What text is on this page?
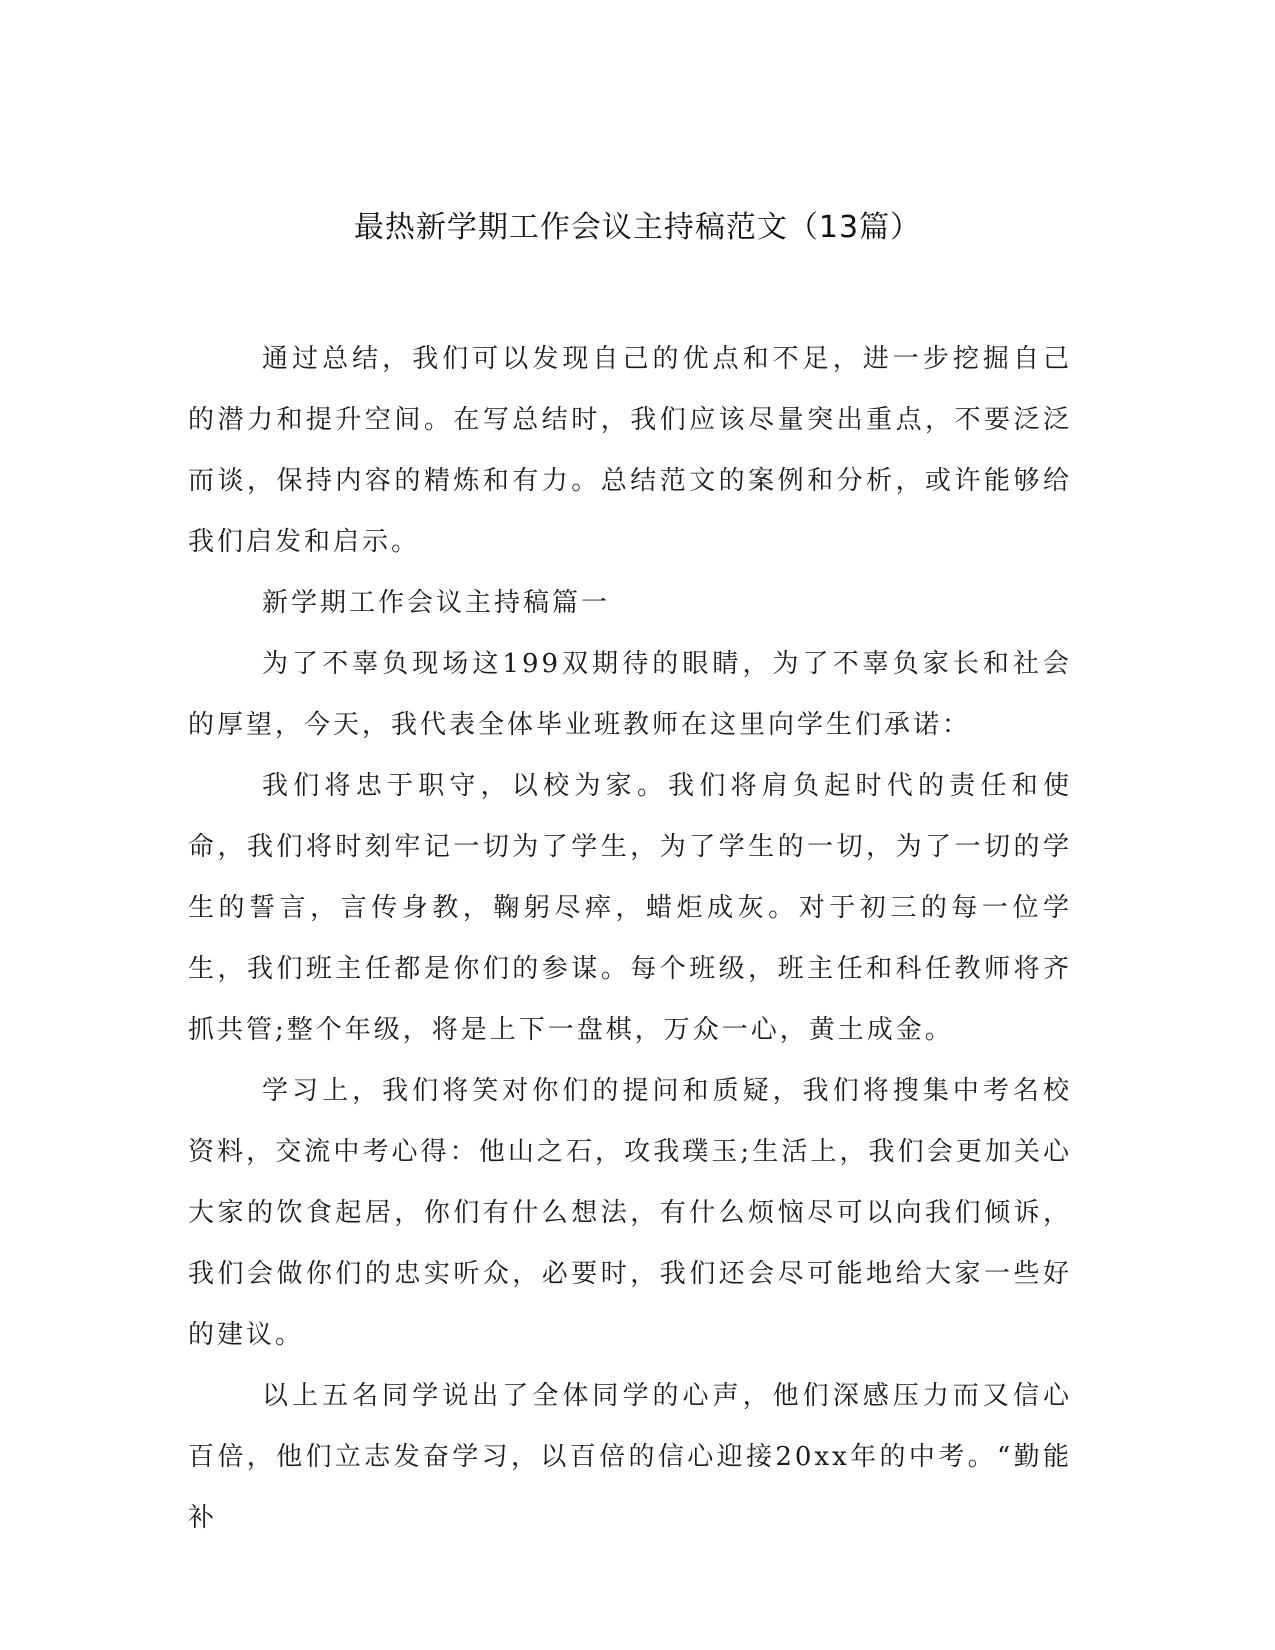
最热新学期工作会议主持稿范文（13篇）

通过总结，我们可以发现自己的优点和不足，进一步挖掘自己的潜力和提升空间。在写总结时，我们应该尽量突出重点，不要泛泛而谈，保持内容的精炼和有力。总结范文的案例和分析，或许能够给我们启发和启示。

新学期工作会议主持稿篇一

为了不辜负现场这199双期待的眼睛，为了不辜负家长和社会的厚望，今天，我代表全体毕业班教师在这里向学生们承诺：

我们将忠于职守，以校为家。我们将肩负起时代的责任和使命，我们将时刻牢记一切为了学生，为了学生的一切，为了一切的学生的誓言，言传身教，鞠躬尽瘁，蜡炬成灰。对于初三的每一位学生，我们班主任都是你们的参谋。每个班级，班主任和科任教师将齐抓共管;整个年级，将是上下一盘棋，万众一心，黄土成金。

学习上，我们将笑对你们的提问和质疑，我们将搜集中考名校资料，交流中考心得：他山之石，攻我璞玉;生活上，我们会更加关心大家的饮食起居，你们有什么想法，有什么烦恼尽可以向我们倾诉，我们会做你们的忠实听众，必要时，我们还会尽可能地给大家一些好的建议。

以上五名同学说出了全体同学的心声，他们深感压力而又信心百倍，他们立志发奋学习，以百倍的信心迎接20xx年的中考。“勤能补
